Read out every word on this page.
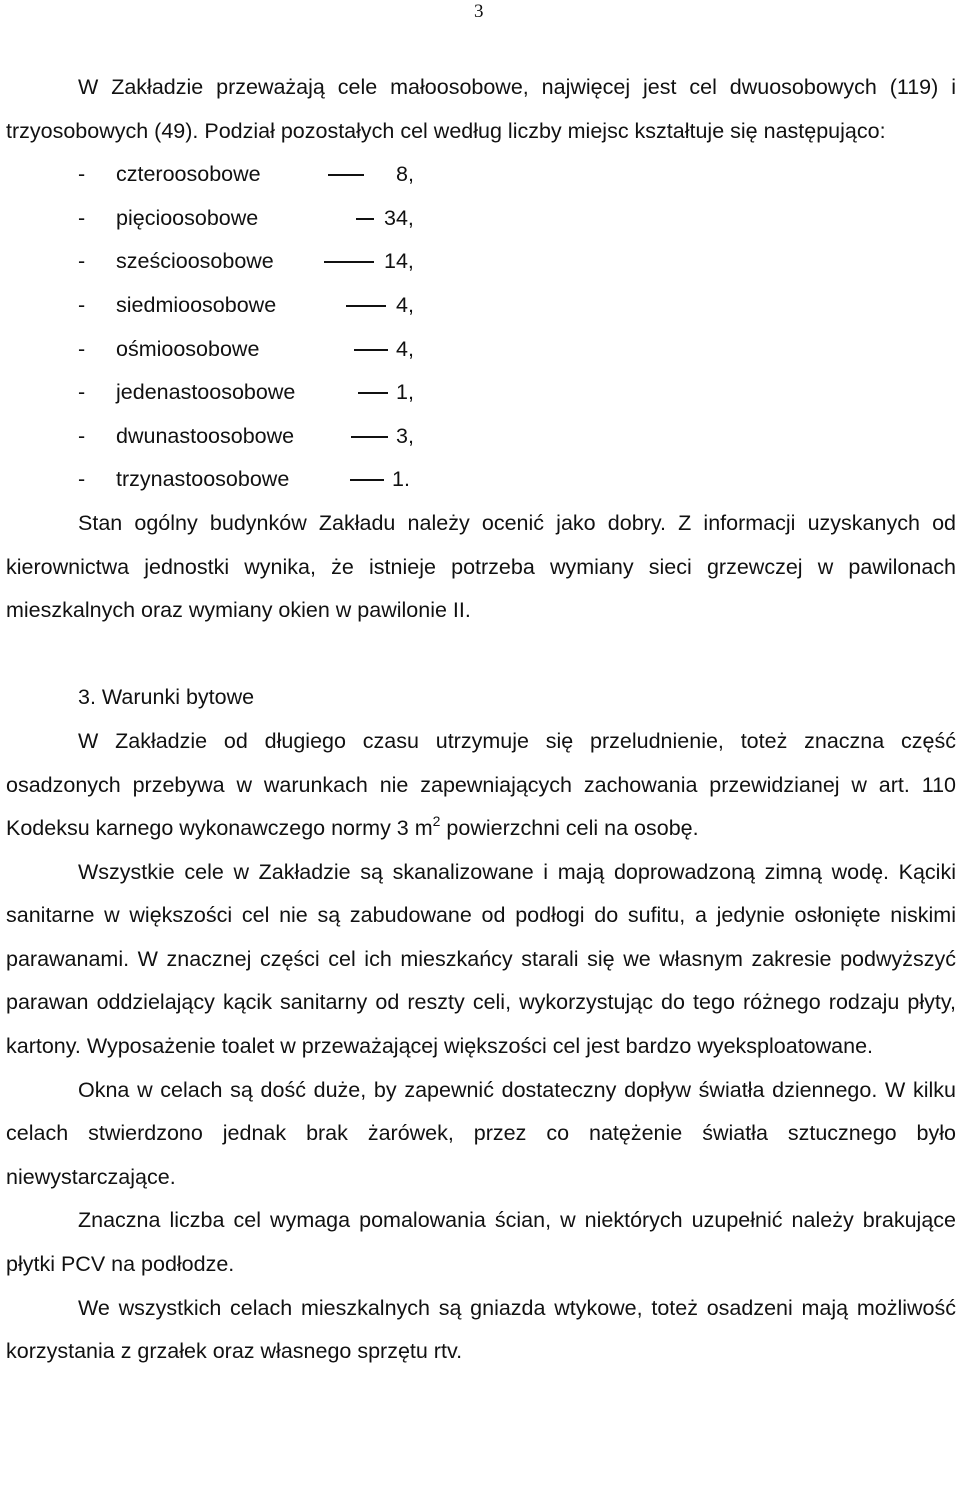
3

W Zakładzie przeważają cele małoosobowe, najwięcej jest cel dwuosobowych (119) i trzyosobowych (49). Podział pozostałych cel według liczby miejsc kształtuje się następująco:

- czteroosobowe	8,
- pięcioosobowe	34,
- sześcioosobowe	14,
- siedmioosobowe	4,
- ośmioosobowe	4,
- jedenastoosobowe	1,
- dwunastoosobowe	3,
- trzynastoosobowe	1.

Stan ogólny budynków Zakładu należy ocenić jako dobry. Z informacji uzyskanych od kierownictwa jednostki wynika, że istnieje potrzeba wymiany sieci grzewczej w pawilonach mieszkalnych oraz wymiany okien w pawilonie II.

3. Warunki bytowe

W Zakładzie od długiego czasu utrzymuje się przeludnienie, toteż znaczna część osadzonych przebywa w warunkach nie zapewniających zachowania przewidzianej w art. 110 Kodeksu karnego wykonawczego normy 3 $m^2$ powierzchni celi na osobę.

Wszystkie cele w Zakładzie są skanalizowane i mają doprowadzoną zimną wodę. Kąciki sanitarne w większości cel nie są zabudowane od podłogi do sufitu, a jedynie osłonięte niskimi parawanami. W znacznej części cel ich mieszkańcy starali się we własnym zakresie podwyższyć parawan oddzielający kącik sanitarny od reszty celi, wykorzystując do tego różnego rodzaju płyty, kartony. Wyposażenie toalet w przeważającej większości cel jest bardzo wyeksploatowane.

Okna w celach są dość duże, by zapewnić dostateczny dopływ światła dziennego. W kilku celach stwierdzono jednak brak żarówek, przez co natężenie światła sztucznego było niewystarczające.

Znaczna liczba cel wymaga pomalowania ścian, w niektórych uzupełnić należy brakujące płytki PCV na podłodze.

We wszystkich celach mieszkalnych są gniazda wtykowe, toteż osadzeni mają możliwość korzystania z grzałek oraz własnego sprzętu rtv.
